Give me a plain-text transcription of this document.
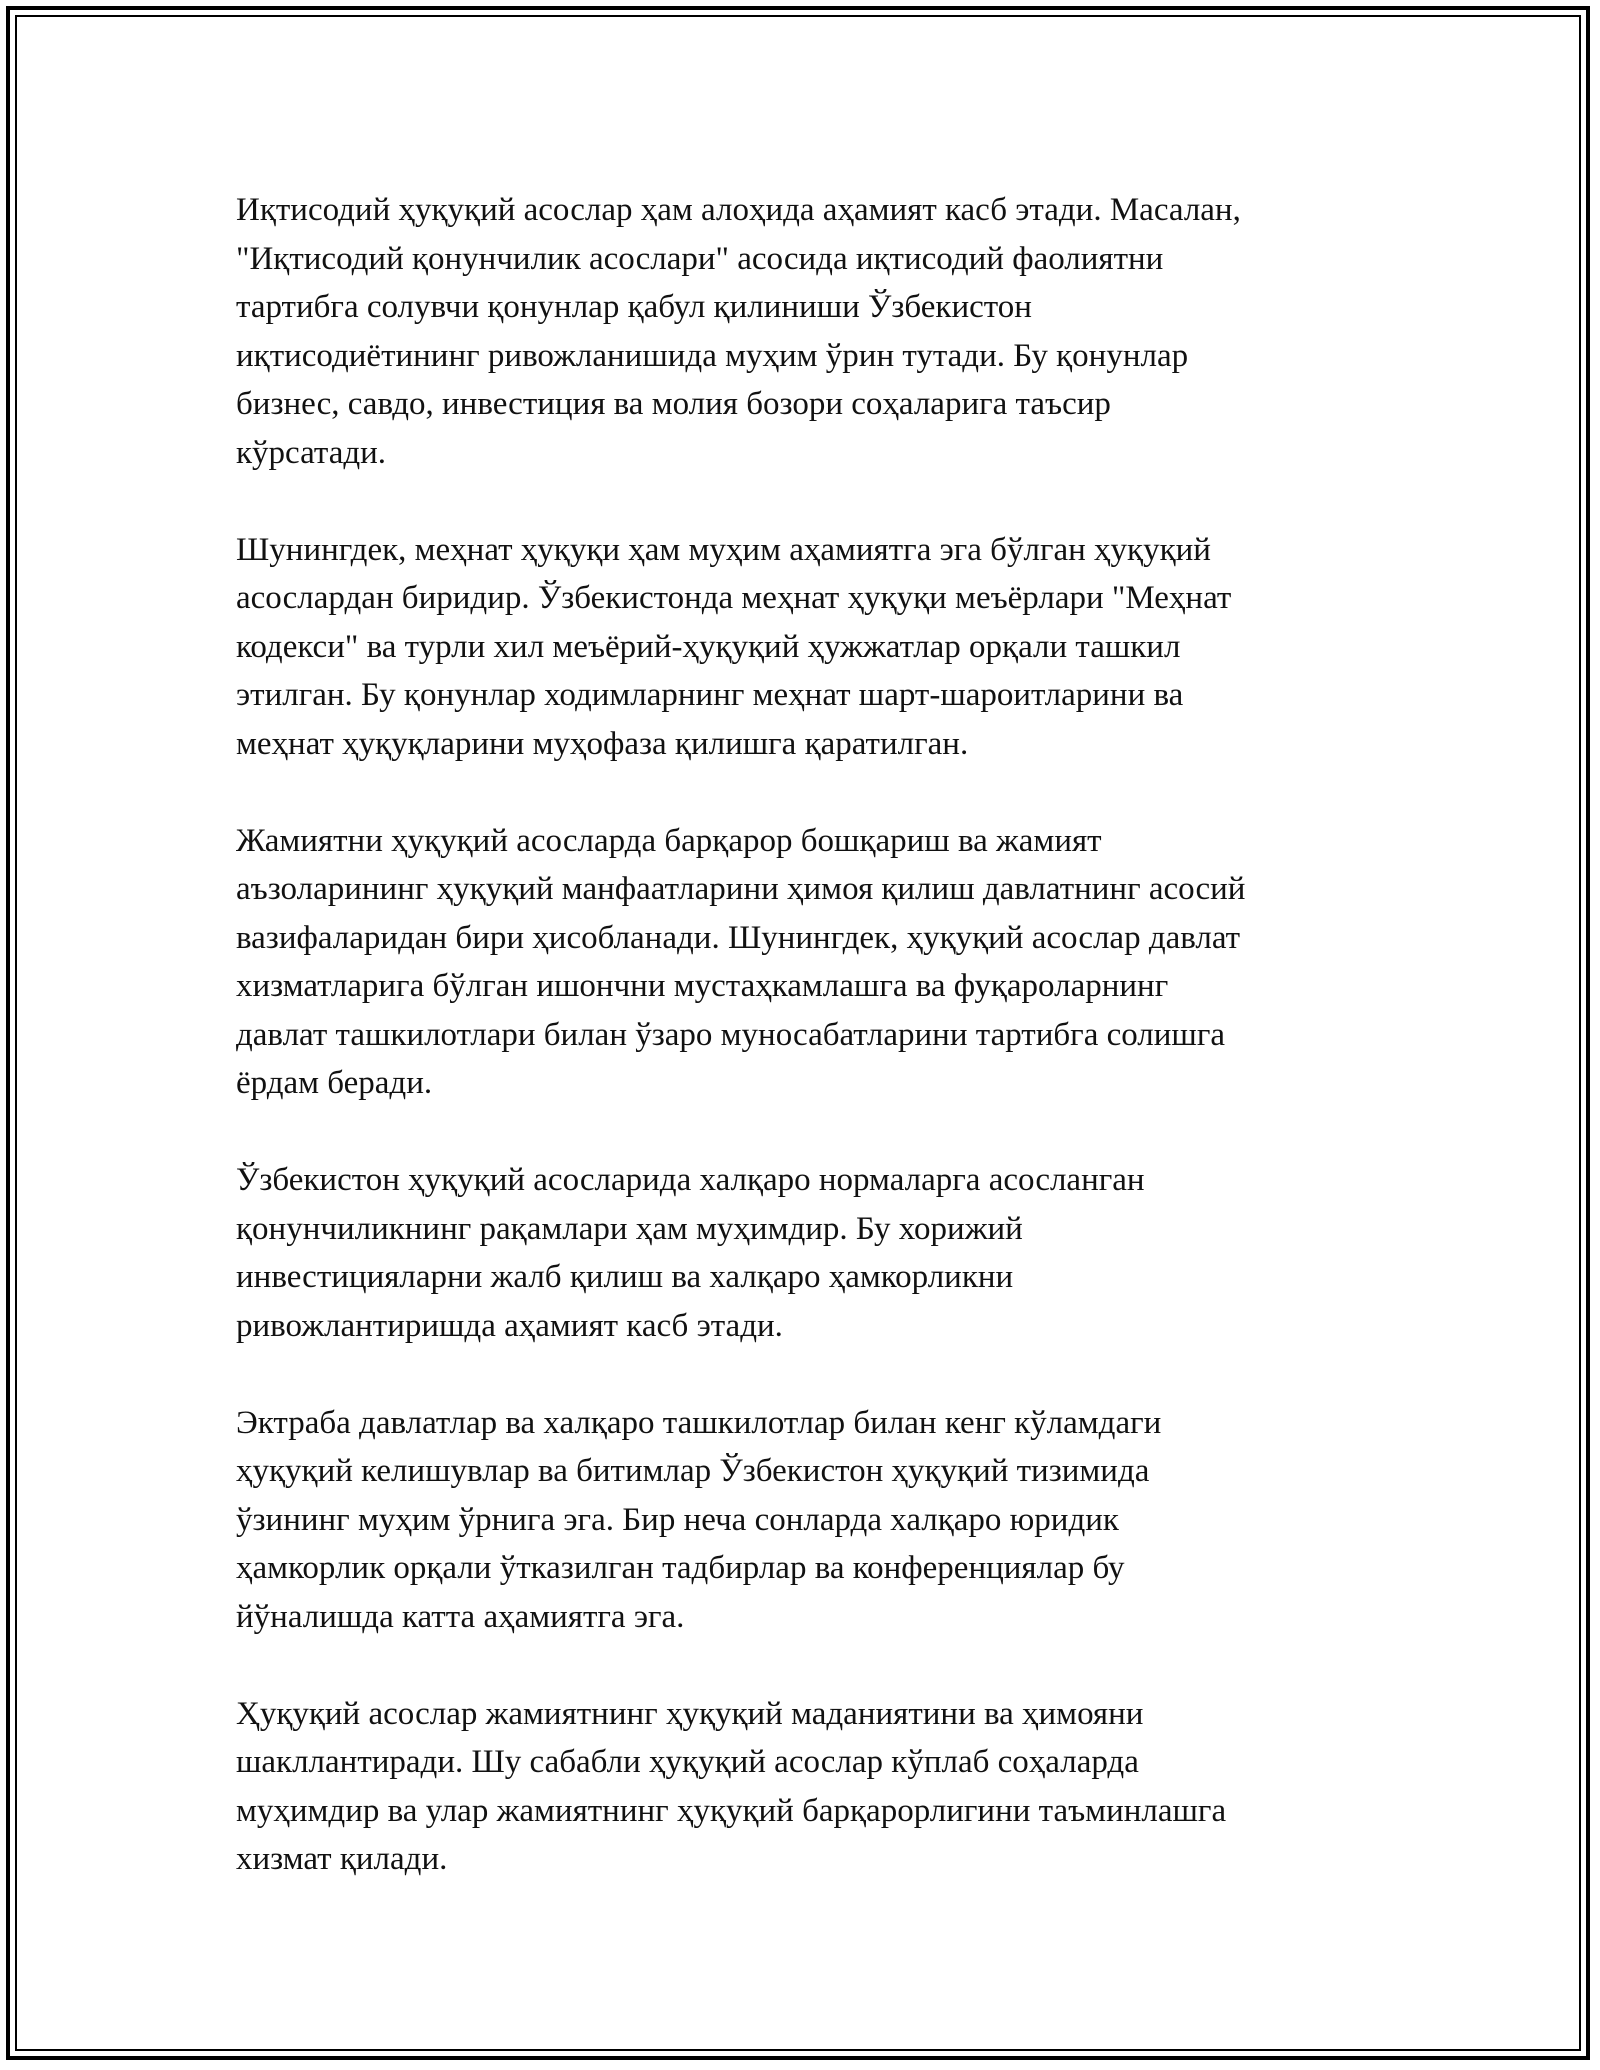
Иқтисодий ҳуқуқий асослар ҳам алоҳида аҳамият касб этади. Масалан,
"Иқтисодий қонунчилик асослари" асосида иқтисодий фаолиятни
тартибга солувчи қонунлар қабул қилиниши Ўзбекистон
иқтисодиётининг ривожланишида муҳим ўрин тутади. Бу қонунлар
бизнес, савдо, инвестиция ва молия бозори соҳаларига таъсир
кўрсатади.

Шунингдек, меҳнат ҳуқуқи ҳам муҳим аҳамиятга эга бўлган ҳуқуқий
асослардан биридир. Ўзбекистонда меҳнат ҳуқуқи меъёрлари "Меҳнат
кодекси" ва турли хил меъёрий-ҳуқуқий ҳужжатлар орқали ташкил
этилган. Бу қонунлар ходимларнинг меҳнат шарт-шароитларини ва
меҳнат ҳуқуқларини муҳофаза қилишга қаратилган.

Жамиятни ҳуқуқий асосларда барқарор бошқариш ва жамият
аъзоларининг ҳуқуқий манфаатларини ҳимоя қилиш давлатнинг асосий
вазифаларидан бири ҳисобланади. Шунингдек, ҳуқуқий асослар давлат
хизматларига бўлган ишончни мустаҳкамлашга ва фуқароларнинг
давлат ташкилотлари билан ўзаро муносабатларини тартибга солишга
ёрдам беради.

Ўзбекистон ҳуқуқий асосларида халқаро нормаларга асосланган
қонунчиликнинг рақамлари ҳам муҳимдир. Бу хорижий
инвестицияларни жалб қилиш ва халқаро ҳамкорликни
ривожлантиришда аҳамият касб этади.

Эктраба давлатлар ва халқаро ташкилотлар билан кенг кўламдаги
ҳуқуқий келишувлар ва битимлар Ўзбекистон ҳуқуқий тизимида
ўзининг муҳим ўрнига эга. Бир неча сонларда халқаро юридик
ҳамкорлик орқали ўтказилган тадбирлар ва конференциялар бу
йўналишда катта аҳамиятга эга.

Ҳуқуқий асослар жамиятнинг ҳуқуқий маданиятини ва ҳимояни
шакллантиради. Шу сабабли ҳуқуқий асослар кўплаб соҳаларда
муҳимдир ва улар жамиятнинг ҳуқуқий барқарорлигини таъминлашга
хизмат қилади.
